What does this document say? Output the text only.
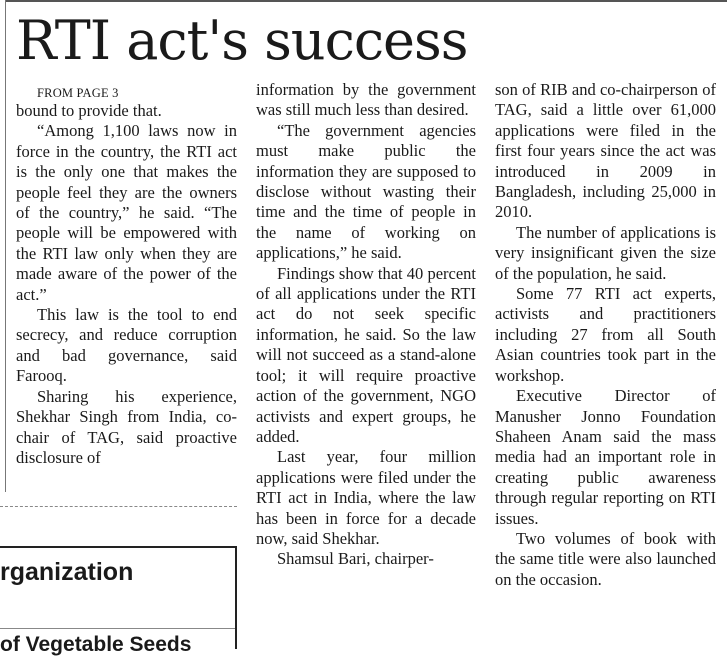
RTI act's success

FROM PAGE 3

bound to provide that.

“Among 1,100 laws now in force in the country, the RTI act is the only one that makes the people feel they are the owners of the country,” he said. “The people will be empowered with the RTI law only when they are made aware of the power of the act.”

This law is the tool to end secrecy, and reduce corruption and bad governance, said Farooq.

Sharing his experience, Shekhar Singh from India, co-chair of TAG, said proactive disclosure of

information by the government was still much less than desired.

“The government agencies must make public the information they are supposed to disclose without wasting their time and the time of people in the name of working on applications,” he said.

Findings show that 40 percent of all applications under the RTI act do not seek specific information, he said. So the law will not succeed as a stand-alone tool; it will require proactive action of the government, NGO activists and expert groups, he added.

Last year, four million applications were filed under the RTI act in India, where the law has been in force for a decade now, said Shekhar.

Shamsul Bari, chairper-

son of RIB and co-chairperson of TAG, said a little over 61,000 applications were filed in the first four years since the act was introduced in 2009 in Bangladesh, including 25,000 in 2010.

The number of applications is very insignificant given the size of the population, he said.

Some 77 RTI act experts, activists and practitioners including 27 from all South Asian countries took part in the workshop.

Executive Director of Manusher Jonno Foundation Shaheen Anam said the mass media had an important role in creating public awareness through regular reporting on RTI issues.

Two volumes of book with the same title were also launched on the occasion.

rganization

of Vegetable Seeds
